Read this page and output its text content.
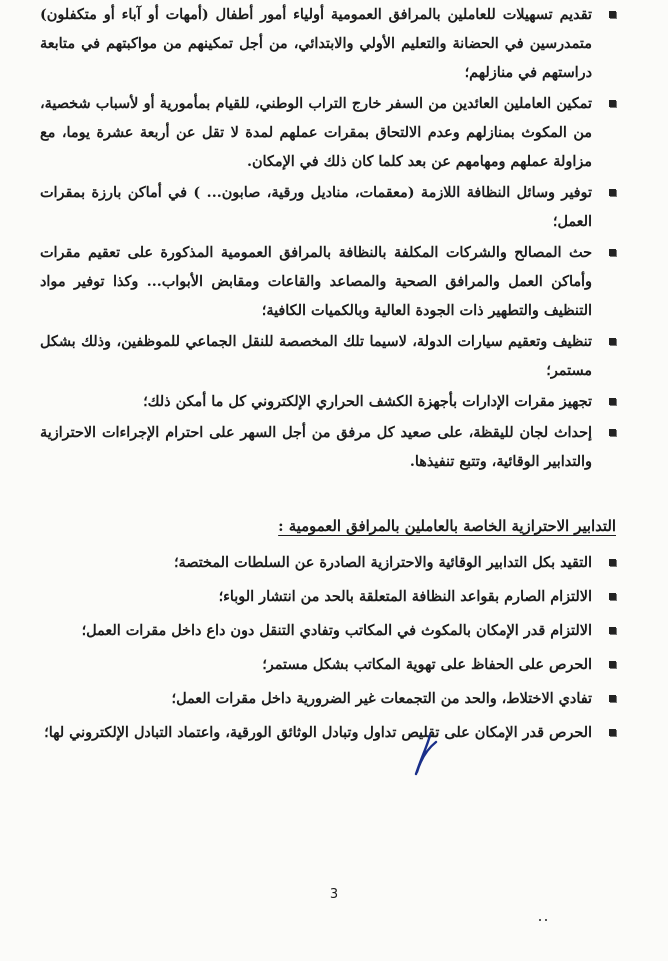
تقديم تسهيلات للعاملين بالمرافق العمومية أولياء أمور أطفال (أمهات أو آباء أو متكفلون) متمدرسين في الحضانة والتعليم الأولي والابتدائي، من أجل تمكينهم من مواكبتهم في متابعة دراستهم في منازلهم؛
تمكين العاملين العائدين من السفر خارج التراب الوطني، للقيام بمأمورية أو لأسباب شخصية، من المكوث بمنازلهم وعدم الالتحاق بمقرات عملهم لمدة لا تقل عن أربعة عشرة يوما، مع مزاولة عملهم ومهامهم عن بعد كلما كان ذلك في الإمكان.
توفير وسائل النظافة اللازمة (معقمات، مناديل ورقية، صابون... ) في أماكن بارزة بمقرات العمل؛
حث المصالح والشركات المكلفة بالنظافة بالمرافق العمومية المذكورة على تعقيم مقرات وأماكن العمل والمرافق الصحية والمصاعد والقاعات ومقابض الأبواب... وكذا توفير مواد التنظيف والتطهير ذات الجودة العالية وبالكميات الكافية؛
تنظيف وتعقيم سيارات الدولة، لاسيما تلك المخصصة للنقل الجماعي للموظفين، وذلك بشكل مستمر؛
تجهيز مقرات الإدارات بأجهزة الكشف الحراري الإلكتروني كل ما أمكن ذلك؛
إحداث لجان لليقظة، على صعيد كل مرفق من أجل السهر على احترام الإجراءات الاحترازية والتدابير الوقائية، وتتبع تنفيذها.
التدابير الاحترازية الخاصة بالعاملين بالمرافق العمومية :
التقيد بكل التدابير الوقائية والاحترازية الصادرة عن السلطات المختصة؛
الالتزام الصارم بقواعد النظافة المتعلقة بالحد من انتشار الوباء؛
الالتزام قدر الإمكان بالمكوث في المكاتب وتفادي التنقل دون داع داخل مقرات العمل؛
الحرص على الحفاظ على تهوية المكاتب بشكل مستمر؛
تفادي الاختلاط، والحد من التجمعات غير الضرورية داخل مقرات العمل؛
الحرص قدر الإمكان على تقليص تداول وتبادل الوثائق الورقية، واعتماد التبادل الإلكتروني لها؛
3
